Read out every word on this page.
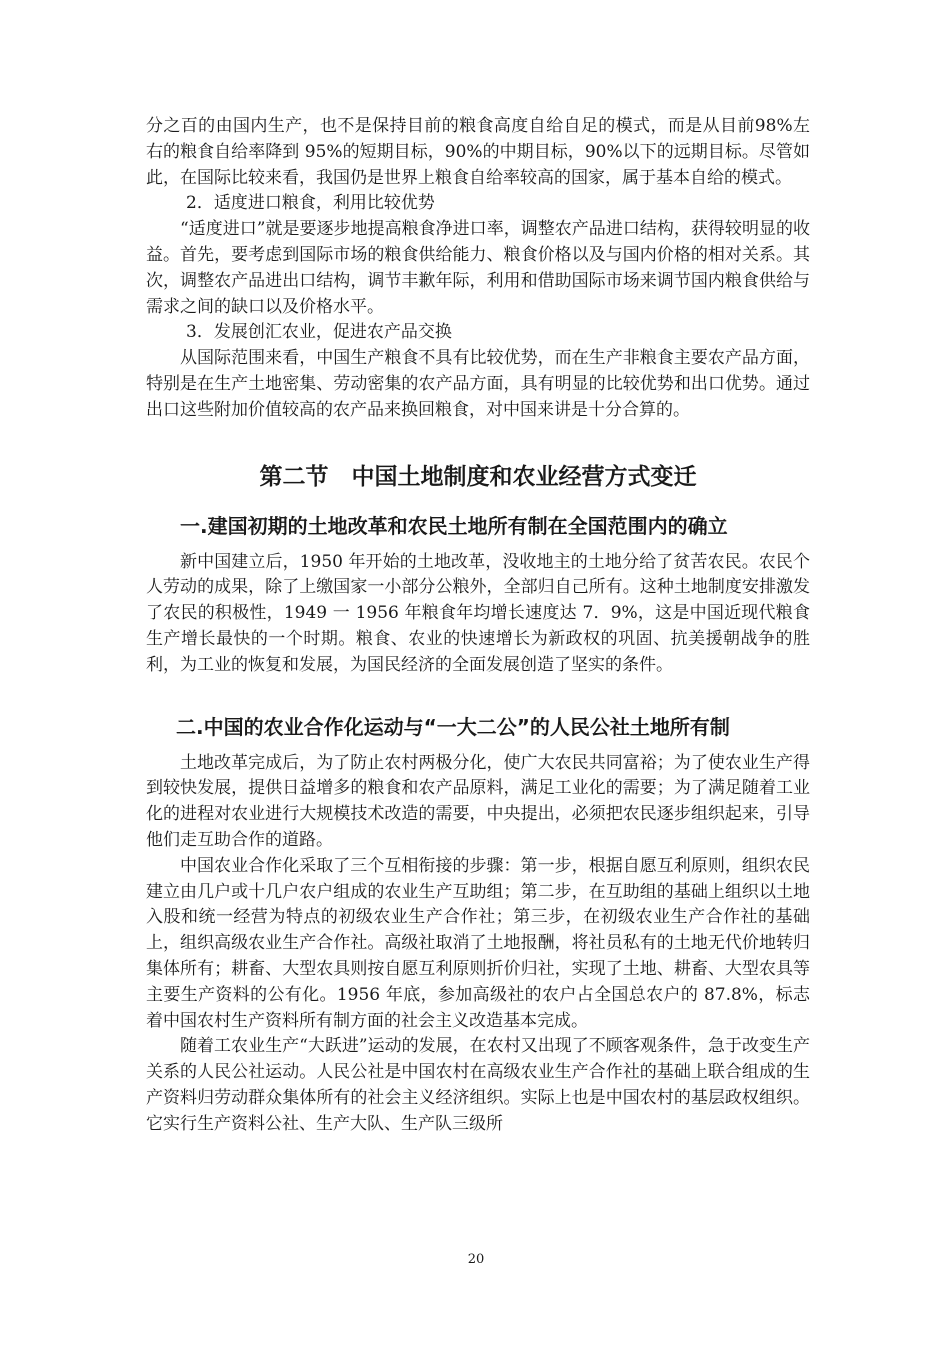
分之百的由国内生产，也不是保持目前的粮食高度自给自足的模式，而是从目前98%左右的粮食自给率降到 95%的短期目标，90%的中期目标，90%以下的远期目标。尽管如此，在国际比较来看，我国仍是世界上粮食自给率较高的国家，属于基本自给的模式。

2．适度进口粮食，利用比较优势

“适度进口”就是要逐步地提高粮食净进口率，调整农产品进口结构，获得较明显的收益。首先，要考虑到国际市场的粮食供给能力、粮食价格以及与国内价格的相对关系。其次，调整农产品进出口结构，调节丰歉年际，利用和借助国际市场来调节国内粮食供给与需求之间的缺口以及价格水平。

3．发展创汇农业，促进农产品交换

从国际范围来看，中国生产粮食不具有比较优势，而在生产非粮食主要农产品方面，特别是在生产土地密集、劳动密集的农产品方面，具有明显的比较优势和出口优势。通过出口这些附加价值较高的农产品来换回粮食，对中国来讲是十分合算的。

第二节　中国土地制度和农业经营方式变迁
一.建国初期的土地改革和农民土地所有制在全国范围内的确立

新中国建立后，1950 年开始的土地改革，没收地主的土地分给了贫苦农民。农民个人劳动的成果，除了上缴国家一小部分公粮外，全部归自己所有。这种土地制度安排激发了农民的积极性，1949 一 1956 年粮食年均增长速度达 7．9%，这是中国近现代粮食生产增长最快的一个时期。粮食、农业的快速增长为新政权的巩固、抗美援朝战争的胜利，为工业的恢复和发展，为国民经济的全面发展创造了坚实的条件。

二.中国的农业合作化运动与“一大二公”的人民公社土地所有制

土地改革完成后，为了防止农村两极分化，使广大农民共同富裕；为了使农业生产得到较快发展，提供日益增多的粮食和农产品原料，满足工业化的需要；为了满足随着工业化的进程对农业进行大规模技术改造的需要，中央提出，必须把农民逐步组织起来，引导他们走互助合作的道路。

中国农业合作化采取了三个互相衔接的步骤：第一步，根据自愿互利原则，组织农民建立由几户或十几户农户组成的农业生产互助组；第二步，在互助组的基础上组织以土地入股和统一经营为特点的初级农业生产合作社；第三步，在初级农业生产合作社的基础上，组织高级农业生产合作社。高级社取消了土地报酬，将社员私有的土地无代价地转归集体所有；耕畜、大型农具则按自愿互利原则折价归社，实现了土地、耕畜、大型农具等主要生产资料的公有化。1956 年底，参加高级社的农户占全国总农户的 87.8%，标志着中国农村生产资料所有制方面的社会主义改造基本完成。

随着工农业生产“大跃进”运动的发展，在农村又出现了不顾客观条件，急于改变生产关系的人民公社运动。人民公社是中国农村在高级农业生产合作社的基础上联合组成的生产资料归劳动群众集体所有的社会主义经济组织。实际上也是中国农村的基层政权组织。它实行生产资料公社、生产大队、生产队三级所

20
